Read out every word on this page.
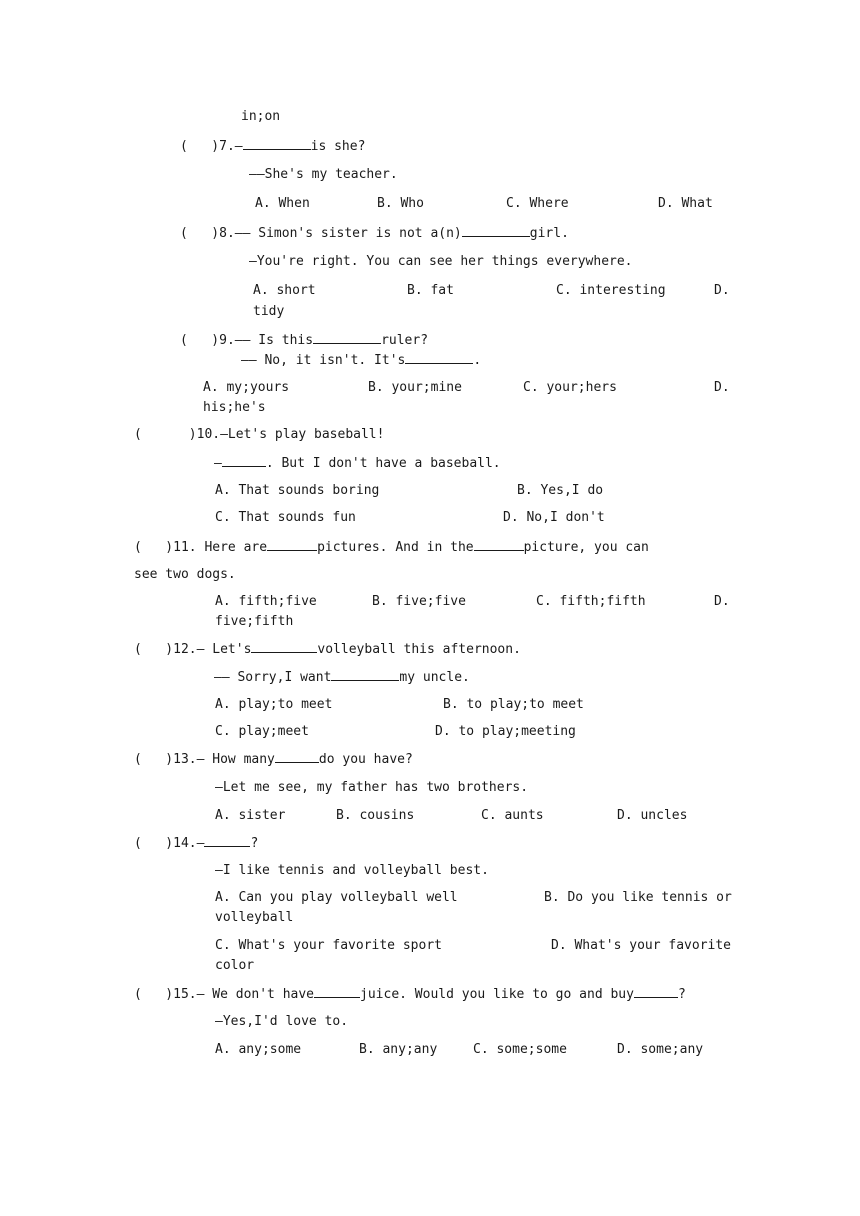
in;on
(   )7.—	is she?
——She's my teacher.
A. When	B. Who	C. Where	D. What
(   )8.—— Simon's sister is not a(n)	girl.
—You're right. You can see her things everywhere.
A. short	B. fat	C. interesting	D.
tidy
(   )9.—— Is this	ruler?
—— No, it isn't. It's	.
A. my;yours	B. your;mine	C. your;hers	D.
his;he's
(      )10.—Let's play baseball!
—	. But I don't have a baseball.
A. That sounds boring	B. Yes,I do
C. That sounds fun	D. No,I don't
(   )11. Here are	pictures. And in the	picture, you can
see two dogs.
A. fifth;five	B. five;five	C. fifth;fifth	D.
five;fifth
(   )12.— Let's	volleyball this afternoon.
—— Sorry,I want	my uncle.
A. play;to meet	B. to play;to meet
C. play;meet	D. to play;meeting
(   )13.— How many	do you have?
—Let me see, my father has two brothers.
A. sister	B. cousins	C. aunts	D. uncles
(   )14.—	?
—I like tennis and volleyball best.
A. Can you play volleyball well	B. Do you like tennis or
volleyball
C. What's your favorite sport	D. What's your favorite
color
(   )15.— We don't have	juice. Would you like to go and buy	?
—Yes,I'd love to.
A. any;some	B. any;any	C. some;some	D. some;any
